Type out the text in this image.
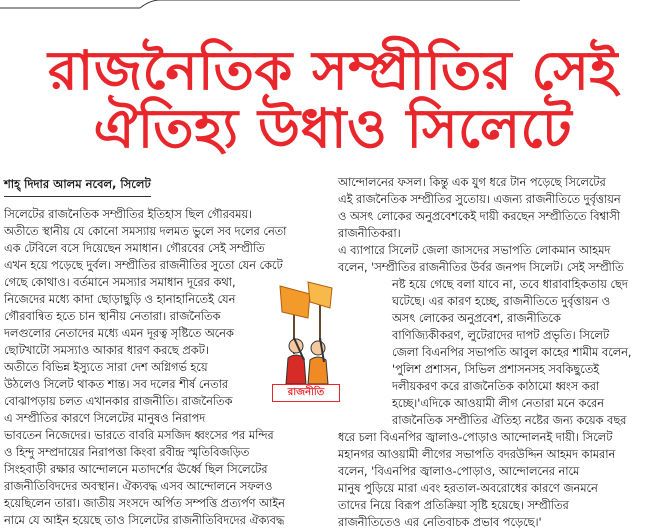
রাজনৈতিক সম্প্রীতির সেই
ঐতিহ্য উধাও সিলেটে
শাহ্ দিদার আলম নবেল, সিলেট

সিলেটের রাজনৈতিক সম্প্রীতির ইতিহাস ছিল গৌরবময়।

অতীতে স্থানীয় যে কোনো সমস্যায় দলমত ভুলে সব দলের নেতা

এক টেবিলে বসে দিয়েছেন সমাধান। গৌরবের সেই সম্প্রীতি

এখন হয়ে পড়েছে দুর্বল। সম্প্রীতির রাজনীতির সুতো যেন কেটে

গেছে কোথাও। বর্তমানে সমস্যার সমাধান দূরের কথা,

নিজেদের মধ্যে কাদা ছোড়াছুড়ি ও হানাহানিতেই যেন

গৌরবান্বিত হতে চান স্থানীয় নেতারা। রাজনৈতিক

দলগুলোর নেতাদের মধ্যে এমন দূরত্ব সৃষ্টিতে অনেক

ছোটখাটো সমস্যাও আকার ধারণ করছে প্রকট।

অতীতে বিভিন্ন ইস্যুতে সারা দেশ অগ্নিগর্ভ হয়ে

উঠলেও সিলেট থাকত শান্ত। সব দলের শীর্ষ নেতার

বোঝাপড়ায় চলত এখানকার রাজনীতি। রাজনৈতিক

এ সম্প্রীতির কারণে সিলেটের মানুষও নিরাপদ

ভাবতেন নিজেদের। ভারতে বাবরি মসজিদ ধ্বংসের পর মন্দির

ও হিন্দু সম্প্রদায়ের নিরাপত্তা কিংবা রবীন্দ্র স্মৃতিবিজড়িত

সিংহবাড়ী রক্ষার আন্দোলনে মতাদর্শের ঊর্ধ্বে ছিল সিলেটের

রাজনীতিবিদদের অবস্থান। ঐক্যবদ্ধ এসব আন্দোলনে সফলও

হয়েছিলেন তারা। জাতীয় সংসদে অর্পিত সম্পত্তি প্রত্যর্পণ আইন

নামে যে আইন হয়েছে তাও সিলেটের রাজনীতিবিদদের ঐক্যবদ্ধ

আন্দোলনের ফসল। কিন্তু এক যুগ ধরে টান পড়েছে সিলেটের

এই রাজনৈতিক সম্প্রীতির সুতোয়। এজন্য রাজনীতিতে দুর্বৃত্তায়ন

ও অসৎ লোকের অনুপ্রবেশকেই দায়ী করছেন সম্প্রীতিতে বিশ্বাসী

রাজনীতিকরা।

এ ব্যাপারে সিলেট জেলা জাসদের সভাপতি লোকমান আহমদ

বলেন, 'সম্প্রীতির রাজনীতির উর্বর জনপদ সিলেট। সেই সম্প্রীতি

নষ্ট হয়ে গেছে বলা যাবে না, তবে ধারাবাহিকতায় ছেদ

ঘটেছে। এর কারণ হচ্ছে, রাজনীতিতে দুর্বৃত্তায়ন ও

অসৎ লোকের অনুপ্রবেশ, রাজনীতিকে

বাণিজ্যিকীকরণ, লুটেরাদের দাপট প্রভৃতি। সিলেট

জেলা বিএনপির সভাপতি আবুল কাহের শামীম বলেন,

'পুলিশ প্রশাসন, সিভিল প্রশাসনসহ সবকিছুতেই

দলীয়করণ করে রাজনৈতিক কাঠামো ধ্বংস করা

হচ্ছে।'এদিকে আওয়ামী লীগ নেতারা মনে করেন

রাজনৈতিক সম্প্রীতির ঐতিহ্য নষ্টের জন্য কয়েক বছর

ধরে চলা বিএনপির জ্বালাও-পোড়াও আন্দোলনই দায়ী। সিলেট

মহানগর আওয়ামী লীগের সভাপতি বদরউদ্দিন আহমদ কামরান

বলেন, 'বিএনপির জ্বালাও-পোড়াও, আন্দোলনের নামে

মানুষ পুড়িয়ে মারা এবং হরতাল-অবরোধের কারণে জনমনে

তাদের নিয়ে বিরূপ প্রতিক্রিয়া সৃষ্টি হয়েছে। সম্প্রীতির

রাজনীতিতেও এর নেতিবাচক প্রভাব পড়েছে।'

রাজনীতি
